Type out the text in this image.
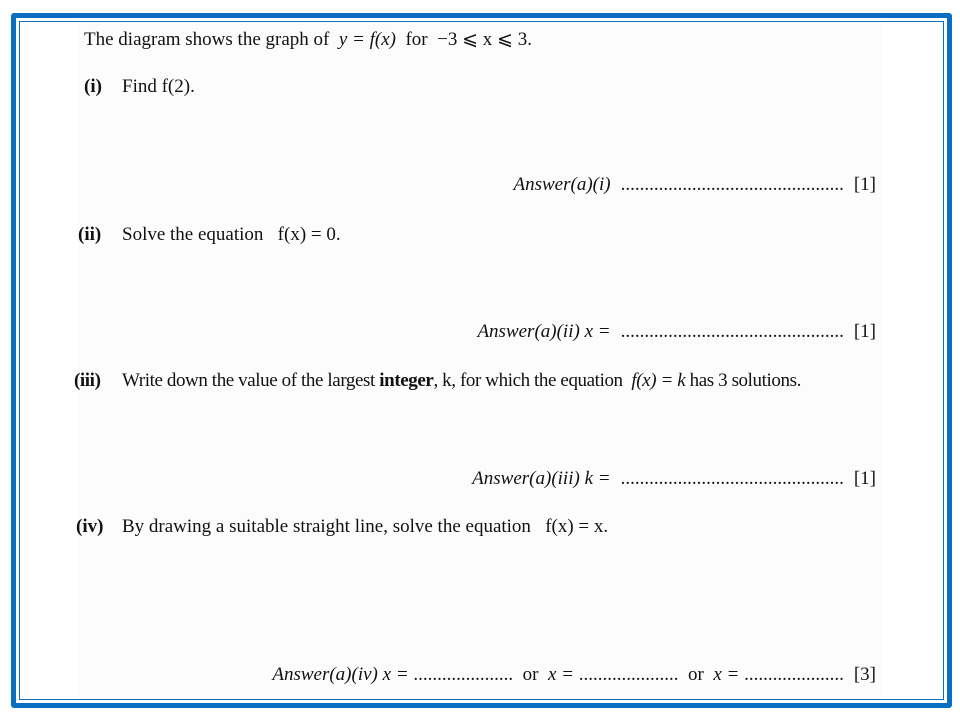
The diagram shows the graph of y = f(x) for −3 ⩽ x ⩽ 3.
(i) Find f(2).
Answer(a)(i) ............................................... [1]
(ii) Solve the equation f(x) = 0.
Answer(a)(ii) x = ............................................... [1]
(iii) Write down the value of the largest integer, k, for which the equation f(x) = k has 3 solutions.
Answer(a)(iii) k = ............................................... [1]
(iv) By drawing a suitable straight line, solve the equation f(x) = x.
Answer(a)(iv) x = ..................... or x = ..................... or x = ..................... [3]
